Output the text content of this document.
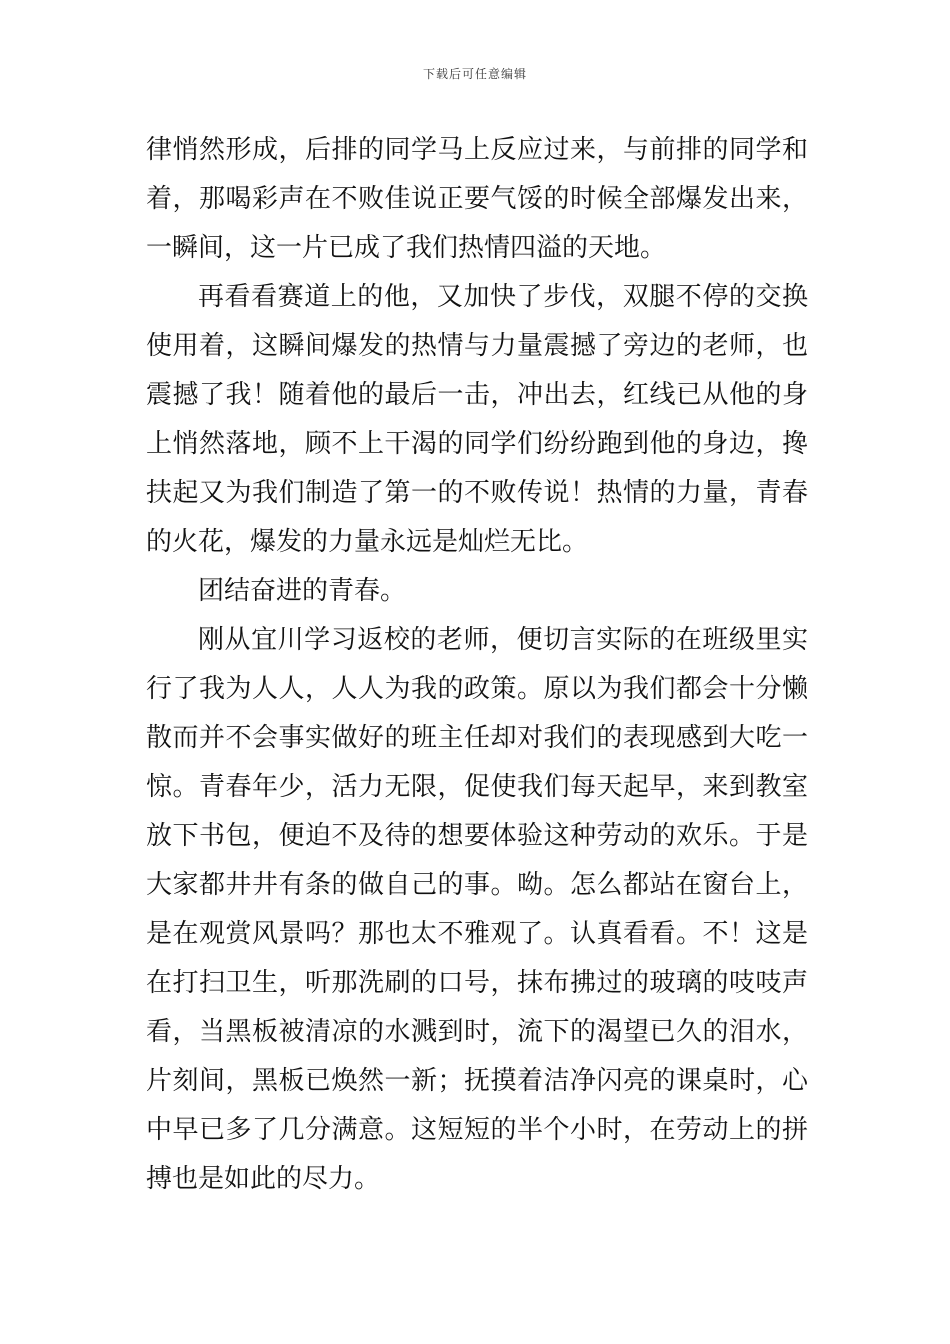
下载后可任意编辑
律悄然形成，后排的同学马上反应过来，与前排的同学和
着，那喝彩声在不败佳说正要气馁的时候全部爆发出来，
一瞬间，这一片已成了我们热情四溢的天地。
再看看赛道上的他，又加快了步伐，双腿不停的交换
使用着，这瞬间爆发的热情与力量震撼了旁边的老师，也
震撼了我！随着他的最后一击，冲出去，红线已从他的身
上悄然落地，顾不上干渴的同学们纷纷跑到他的身边，搀
扶起又为我们制造了第一的不败传说！热情的力量，青春
的火花，爆发的力量永远是灿烂无比。
团结奋进的青春。
刚从宜川学习返校的老师，便切言实际的在班级里实
行了我为人人，人人为我的政策。原以为我们都会十分懒
散而并不会事实做好的班主任却对我们的表现感到大吃一
惊。青春年少，活力无限，促使我们每天起早，来到教室
放下书包，便迫不及待的想要体验这种劳动的欢乐。于是
大家都井井有条的做自己的事。呦。怎么都站在窗台上，
是在观赏风景吗？那也太不雅观了。认真看看。不！这是
在打扫卫生，听那洗刷的口号，抹布拂过的玻璃的吱吱声
看，当黑板被清凉的水溅到时，流下的渴望已久的泪水，
片刻间，黑板已焕然一新；抚摸着洁净闪亮的课桌时，心
中早已多了几分满意。这短短的半个小时，在劳动上的拼
搏也是如此的尽力。
